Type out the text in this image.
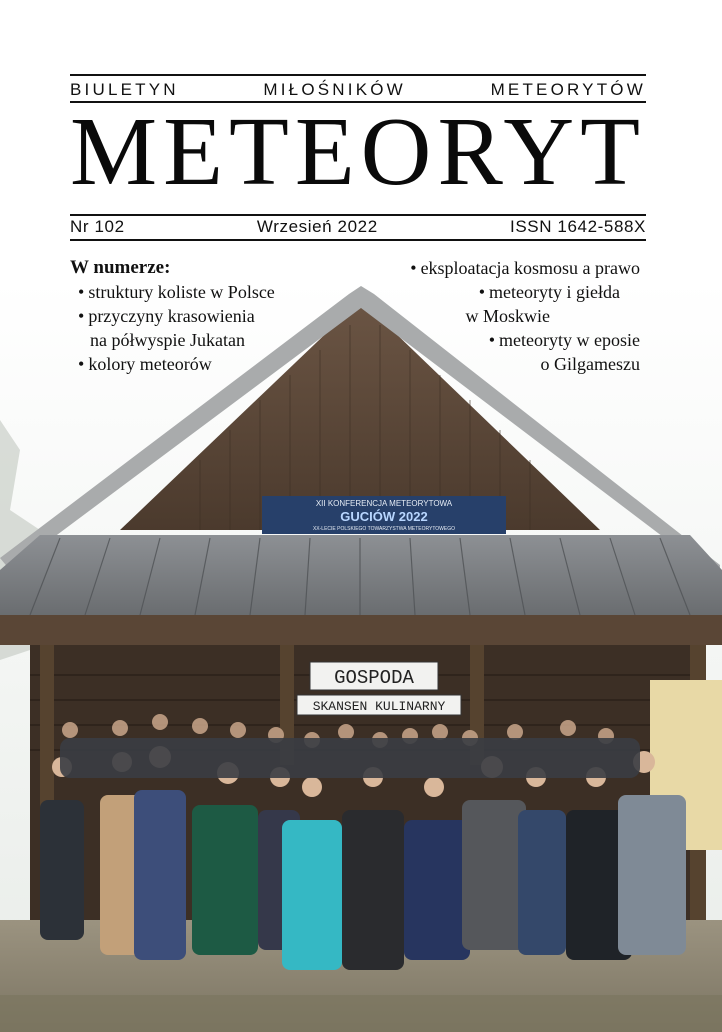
XII KONFERENCJA METEORYTOWA
GUCIÓW 2022
XX-LECIE POLSKIEGO TOWARZYSTWA METEORYTOWEGO
GOSPODA
SKANSEN KULINARNY
BIULETYN	MIŁOŚNIKÓW	METEORYTÓW
METEORYT
Nr 102	Wrzesień 2022	ISSN 1642-588X
W numerze:
• struktury koliste w Polsce
• przyczyny krasowienia
na półwyspie Jukatan
• kolory meteorów
• eksploatacja kosmosu a prawo
• meteoryty i giełda
w Moskwie
• meteoryty w eposie
o Gilgameszu
